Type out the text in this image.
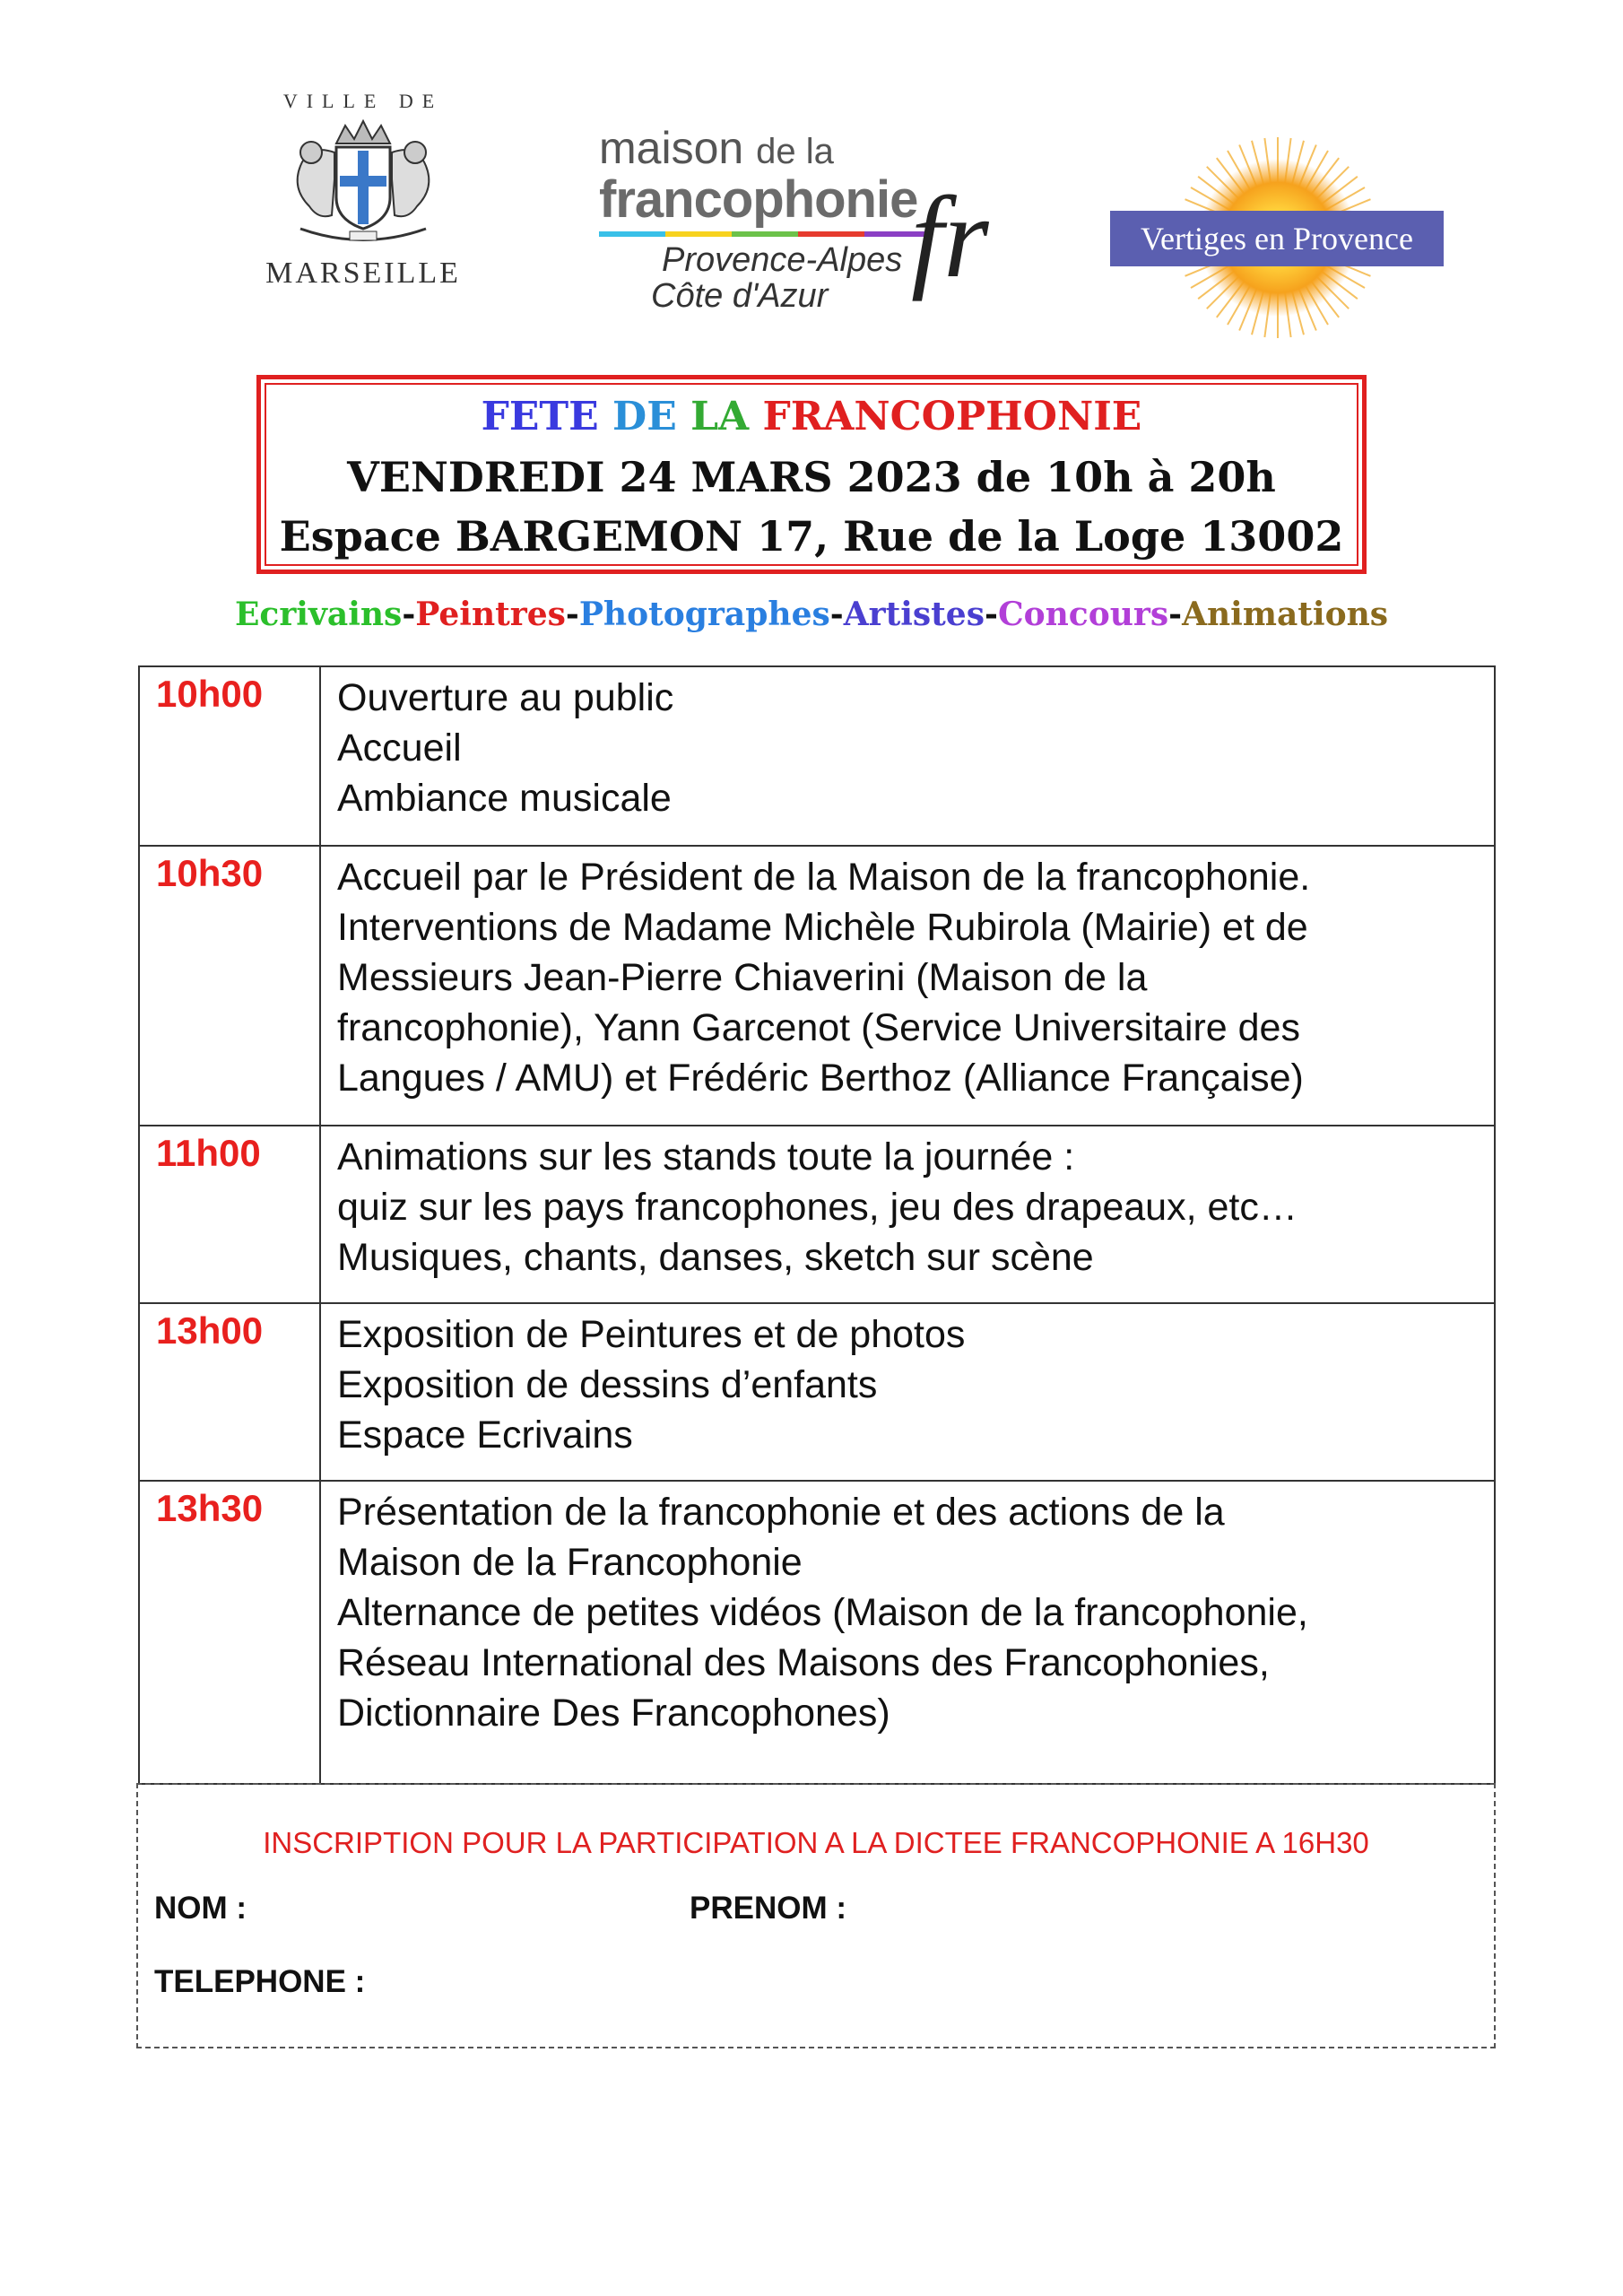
VILLE DE
MARSEILLE
maison de la
francophonie
Provence-Alpes
Côte d'Azur fr	Vertiges en Provence
FETE DE LA FRANCOPHONIE
VENDREDI 24 MARS 2023 de 10h à 20h
Espace BARGEMON 17, Rue de la Loge 13002
Ecrivains-Peintres-Photographes-Artistes-Concours-Animations
10h00	Ouverture au public
Accueil
Ambiance musicale

10h30	Accueil par le Président de la Maison de la francophonie.
Interventions de Madame Michèle Rubirola (Mairie) et de
Messieurs Jean-Pierre Chiaverini (Maison de la
francophonie), Yann Garcenot (Service Universitaire des
Langues / AMU) et Frédéric Berthoz (Alliance Française)

11h00	Animations sur les stands toute la journée :
quiz sur les pays francophones, jeu des drapeaux, etc…
Musiques, chants, danses, sketch sur scène

13h00	Exposition de Peintures et de photos
Exposition de dessins d’enfants
Espace Ecrivains

13h30	Présentation de la francophonie et des actions de la
Maison de la Francophonie
Alternance de petites vidéos (Maison de la francophonie,
Réseau International des Maisons des Francophonies,
Dictionnaire Des Francophones)
INSCRIPTION POUR LA PARTICIPATION A LA DICTEE FRANCOPHONIE A 16H30
NOM :	PRENOM :
TELEPHONE :
